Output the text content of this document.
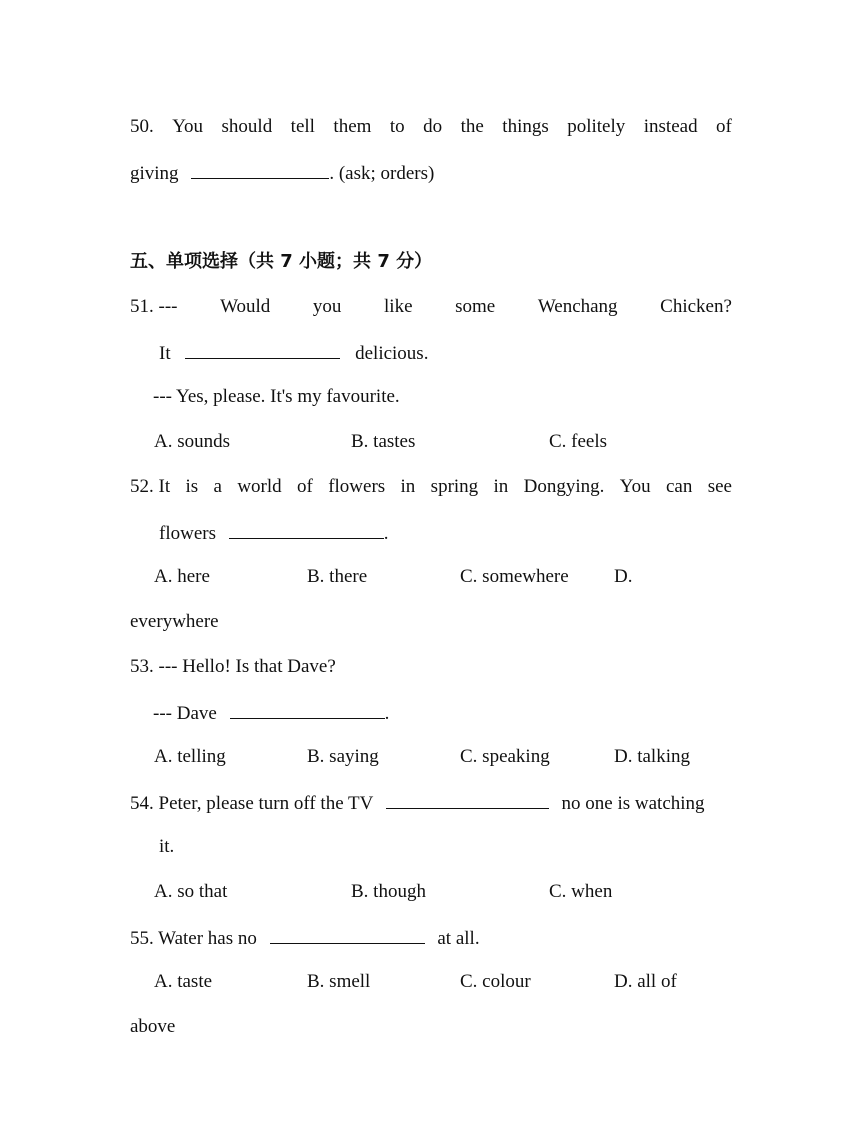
50. You should tell them to do the things politely instead of
giving	. (ask; orders)
五、单项选择（共 7 小题；共 7 分）
51. --- Would you like some Wenchang Chicken?
It	delicious.
--- Yes, please. It's my favourite.
A. sounds	B. tastes	C. feels
52. It is a world of flowers in spring in Dongying. You can see
flowers	.
A. here	B. there	C. somewhere D.
everywhere
53. --- Hello! Is that Dave?
--- Dave	.
A. telling	B. saying	C. speaking	D. talking
54. Peter, please turn off the TV	no one is watching
it.
A. so that	B. though	C. when
55. Water has no	at all.
A. taste	B. smell	C. colour	D. all of
above
